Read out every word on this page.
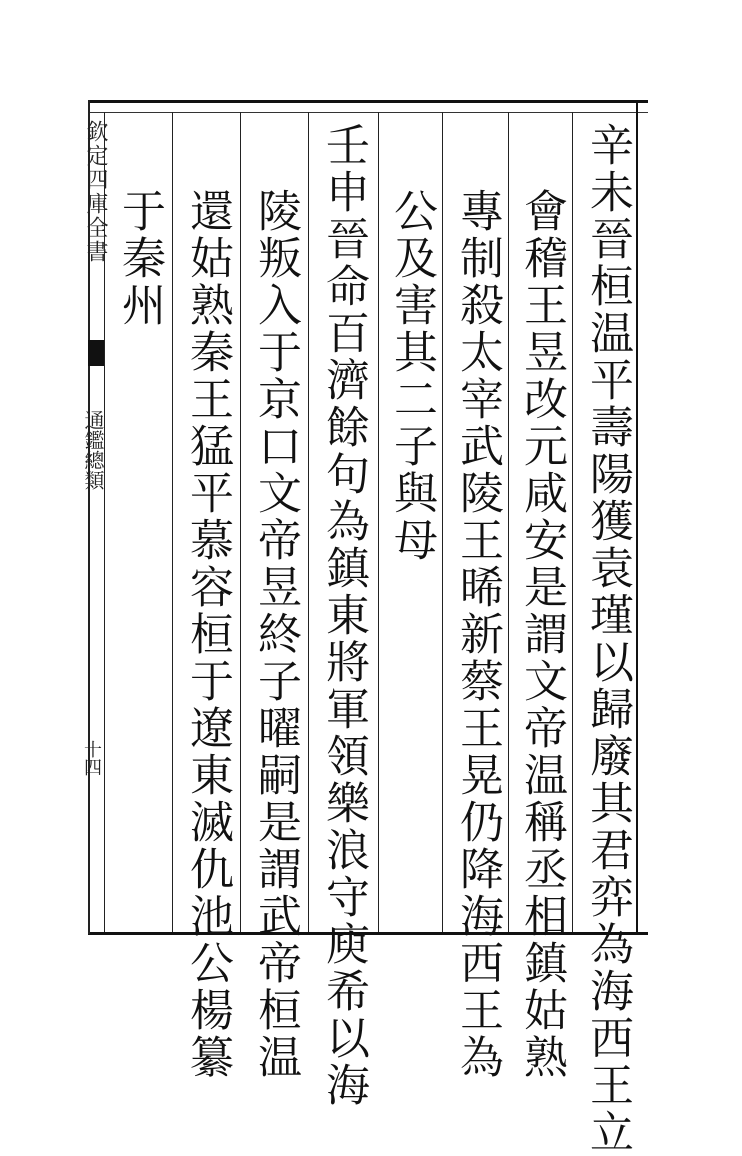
欽定四庫全書
通鑑總類
十四	辛未晉桓温平壽陽獲袁瑾以歸廢其君弈為海西王立
會稽王昱改元咸安是謂文帝温稱丞相鎮姑熟
專制殺太宰武陵王晞新蔡王晃仍降海西王為
公及害其二子與母
壬申晉命百濟餘句為鎮東將軍領樂浪守庾希以海
陵叛入于京口文帝昱終子曜嗣是謂武帝桓温
還姑熟秦王猛平慕容桓于遼東滅仇池公楊纂
于秦州
